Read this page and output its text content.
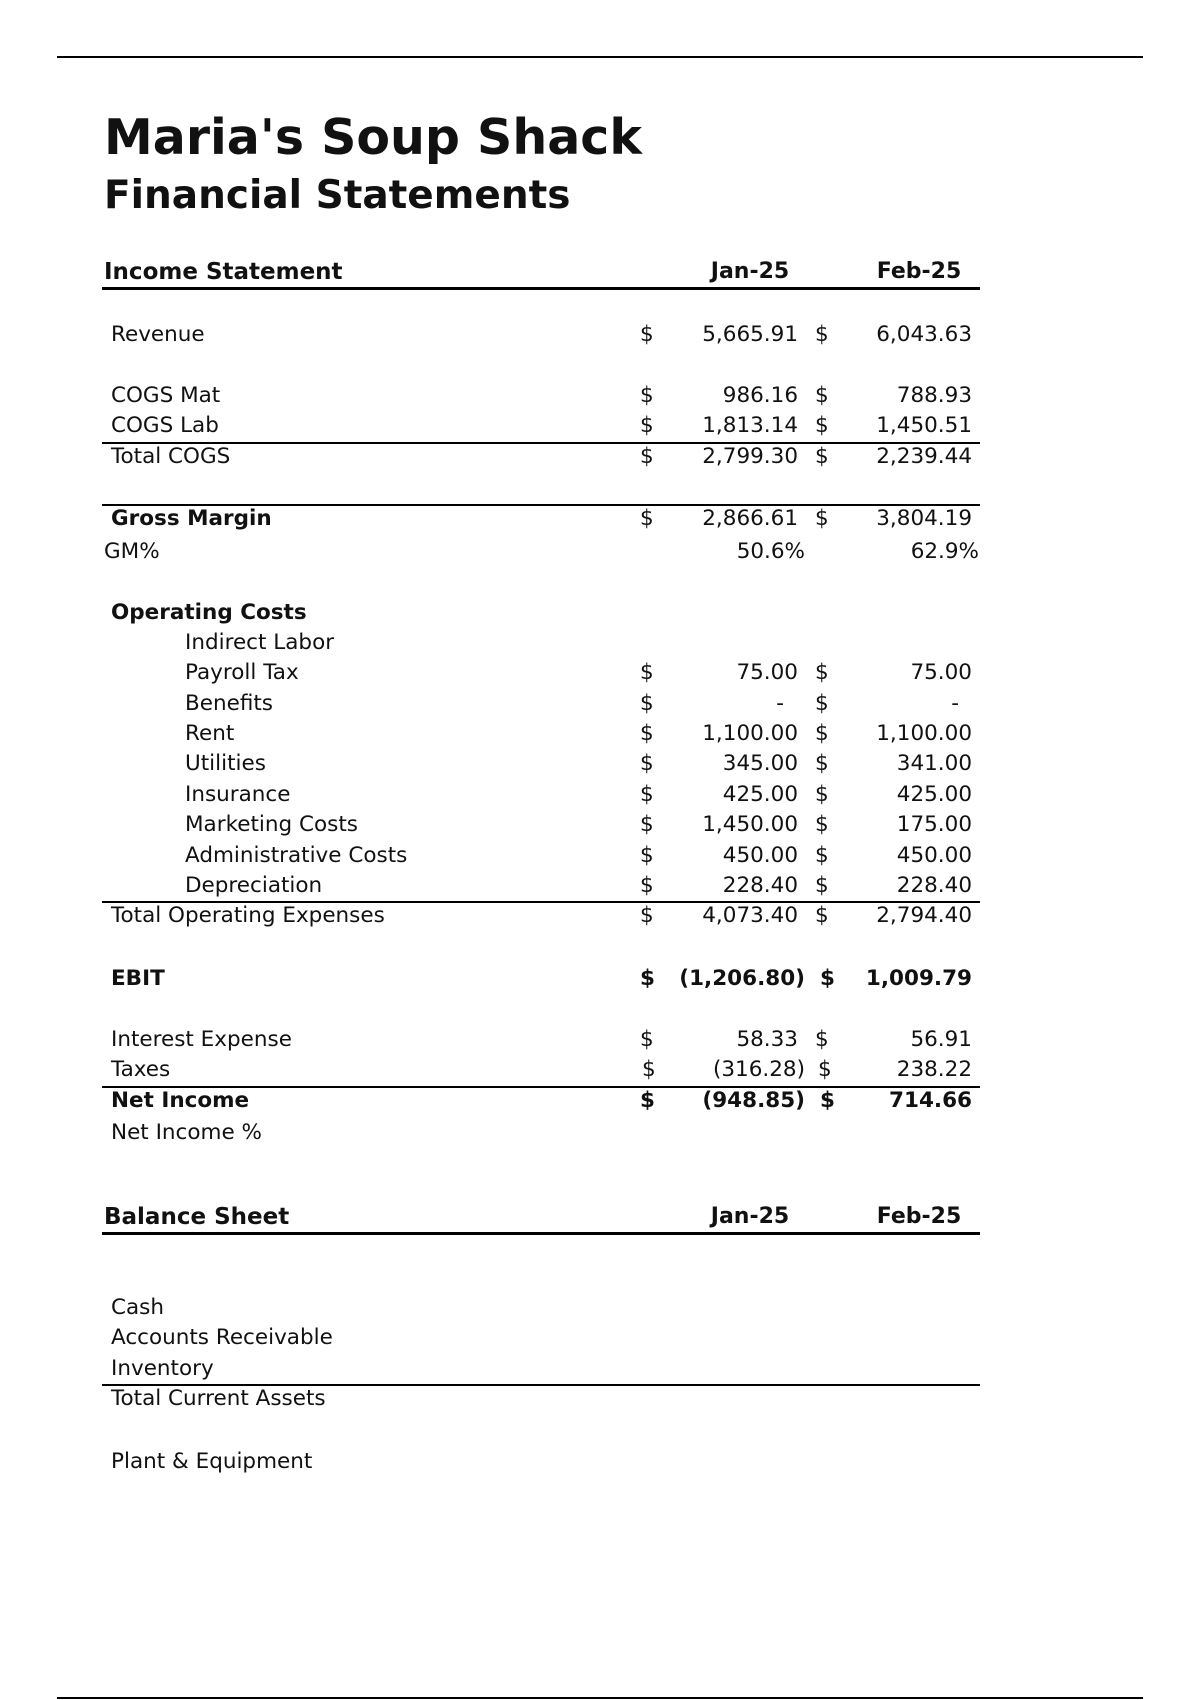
Maria's Soup Shack
Financial Statements
Income Statement	Jan-25	Feb-25
Revenue	$	5,665.91 $	6,043.63
COGS Mat	$	986.16 $	788.93
COGS Lab	$	1,813.14 $	1,450.51
Total COGS	$	2,799.30 $	2,239.44
Gross Margin	$	2,866.61 $	3,804.19
GM%	50.6%	62.9%
Operating Costs
Indirect Labor
Payroll Tax	$	75.00 $	75.00
Benefits	$	- $	-
Rent	$	1,100.00 $	1,100.00
Utilities	$	345.00 $	341.00
Insurance	$	425.00 $	425.00
Marketing Costs	$	1,450.00 $	175.00
Administrative Costs	$	450.00 $	450.00
Depreciation	$	228.40 $	228.40
Total Operating Expenses	$	4,073.40 $	2,794.40
EBIT	$	(1,206.80) $	1,009.79
Interest Expense	$	58.33 $	56.91
Taxes	$	(316.28) $	238.22
Net Income	$	(948.85) $	714.66
Net Income %
Balance Sheet	Jan-25	Feb-25
Cash
Accounts Receivable
Inventory
Total Current Assets
Plant & Equipment
